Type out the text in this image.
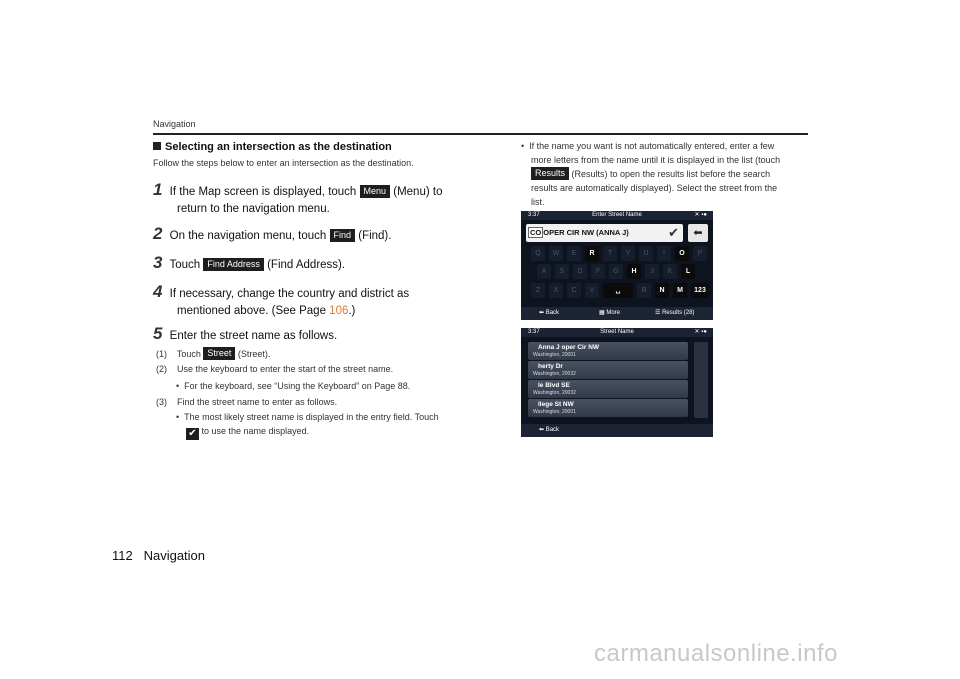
Navigation
Selecting an intersection as the destination
Follow the steps below to enter an intersection as the destination.
1 If the Map screen is displayed, touch Menu (Menu) to
return to the navigation menu.
2 On the navigation menu, touch Find (Find).
3 Touch Find Address (Find Address).
4 If necessary, change the country and district as
mentioned above. (See Page 106.)
5 Enter the street name as follows.
(1) Touch Street (Street).
(2) Use the keyboard to enter the start of the street name.
•  For the keyboard, see “Using the Keyboard” on Page 88.
(3) Find the street name to enter as follows.
•  The most likely street name is displayed in the entry field. Touch
✔ to use the name displayed.
•  If the name you want is not automatically entered, enter a few
more letters from the name until it is displayed in the list (touch
Results (Results) to open the results list before the search
results are automatically displayed). Select the street from the
list.
3:37	Enter Street Name	✕ ▪●
CO OPER CIR NW (ANNA J)	✔	⬅
Q	W	E	R	T	Y	U	I	O	P
A	S	D	F	G	H	J	K	L
Z	X	C	V	␣	B	N	M	123
⬅ Back	▦ More	☰ Results (28)
3:37	Street Name	✕ ▪●
Anna J oper Cir NW
Washington, 20001
herty Dr
Washington, 20032
le Blvd SE
Washington, 20032
llege St NW
Washington, 20001
⬅ Back
112 Navigation
carmanualsonline.info
